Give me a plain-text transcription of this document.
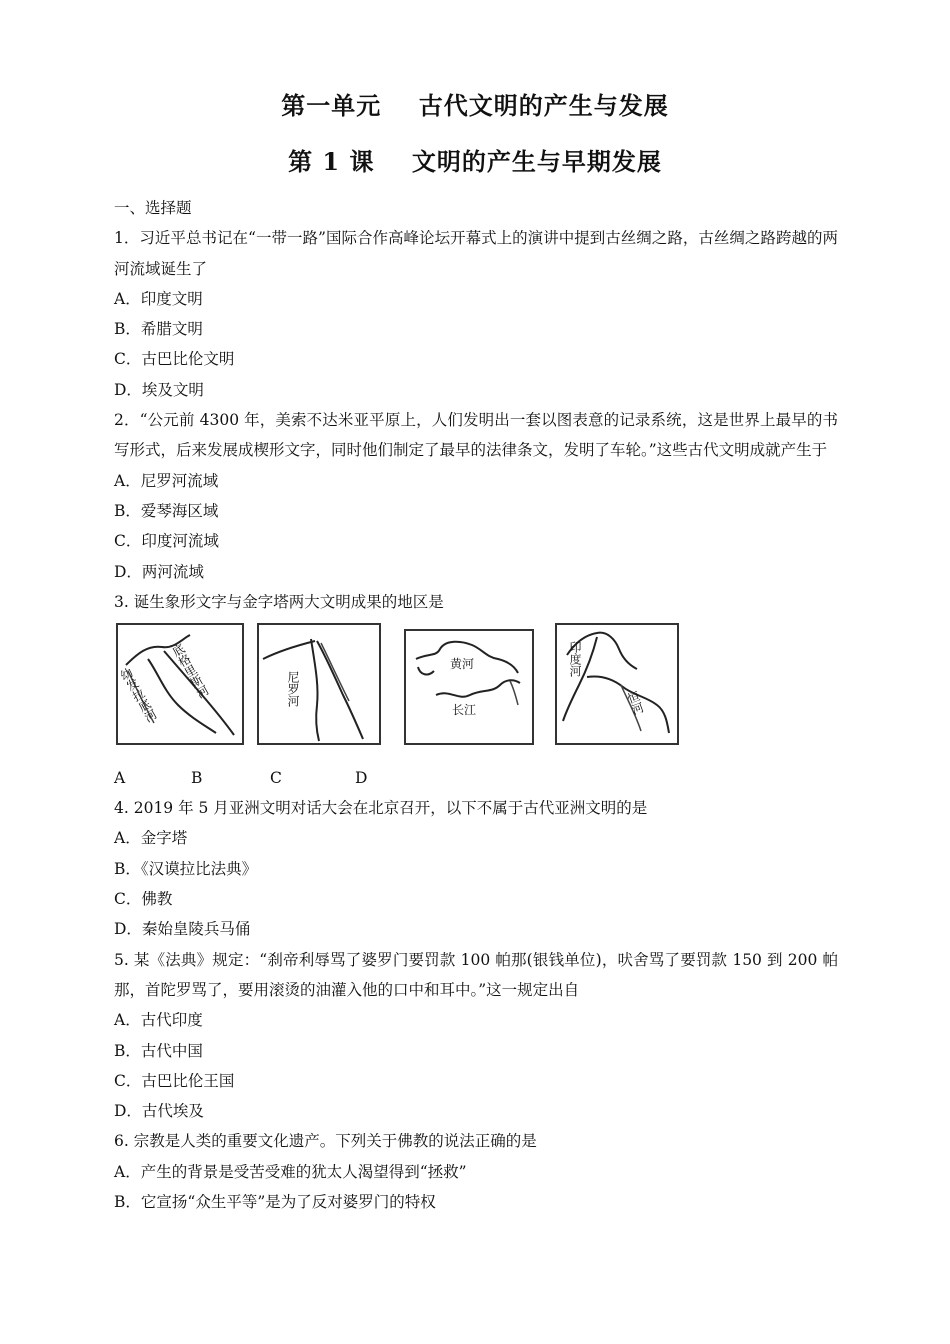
第一单元    古代文明的产生与发展
第 1 课    文明的产生与早期发展
一、选择题
1．习近平总书记在“一带一路”国际合作高峰论坛开幕式上的演讲中提到古丝绸之路，古丝绸之路跨越的两河流域诞生了
A．印度文明
B．希腊文明
C．古巴比伦文明
D．埃及文明
2．“公元前 4300 年，美索不达米亚平原上，人们发明出一套以图表意的记录系统，这是世界上最早的书写形式，后来发展成楔形文字，同时他们制定了最早的法律条文，发明了车轮。”这些古代文明成就产生于
A．尼罗河流域
B．爱琴海区域
C．印度河流域
D．两河流域
3. 诞生象形文字与金字塔两大文明成果的地区是
幼发拉底河 底格里斯河	尼罗河
黄河
长江
印度河
恒河
A	B	C	D
4. 2019 年 5 月亚洲文明对话大会在北京召开，以下不属于古代亚洲文明的是
A．金字塔
B．《汉谟拉比法典》
C．佛教
D．秦始皇陵兵马俑
5. 某《法典》规定：“刹帝利辱骂了婆罗门要罚款 100 帕那(银钱单位)，吠舍骂了要罚款 150 到 200 帕那，首陀罗骂了，要用滚烫的油灌入他的口中和耳中。”这一规定出自
A．古代印度
B．古代中国
C．古巴比伦王国
D．古代埃及
6. 宗教是人类的重要文化遗产。下列关于佛教的说法正确的是
A．产生的背景是受苦受难的犹太人渴望得到“拯救”
B．它宣扬“众生平等”是为了反对婆罗门的特权
